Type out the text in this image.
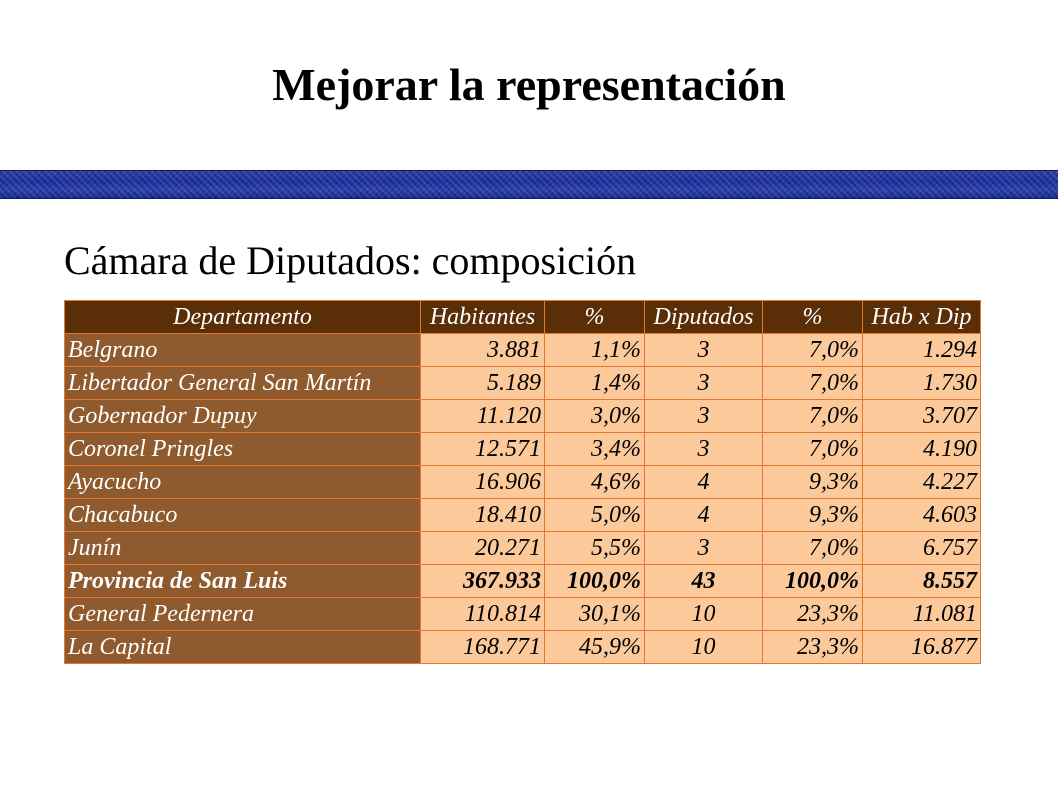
Mejorar la representación
Cámara de Diputados: composición
Departamento	Habitantes	%	Diputados	%	Hab x Dip
Belgrano	3.881	1,1%	3	7,0%	1.294
Libertador General San Martín	5.189	1,4%	3	7,0%	1.730
Gobernador Dupuy	11.120	3,0%	3	7,0%	3.707
Coronel Pringles	12.571	3,4%	3	7,0%	4.190
Ayacucho	16.906	4,6%	4	9,3%	4.227
Chacabuco	18.410	5,0%	4	9,3%	4.603
Junín	20.271	5,5%	3	7,0%	6.757
Provincia de San Luis	367.933	100,0%	43	100,0%	8.557
General Pedernera	110.814	30,1%	10	23,3%	11.081
La Capital	168.771	45,9%	10	23,3%	16.877
